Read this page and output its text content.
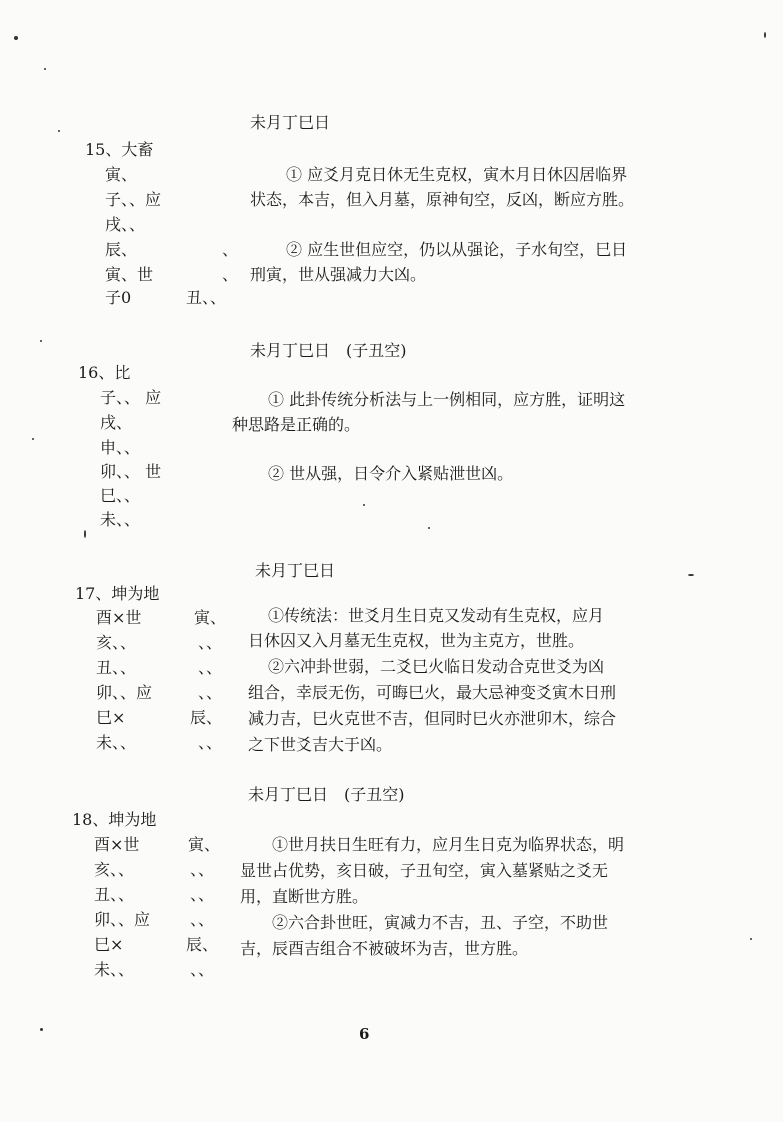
未月丁巳日
15、大畜
寅、
子、、应
戌、、
辰、
寅、世
子0
、
、
丑、、
① 应爻月克日休无生克权，寅木月日休囚居临界
状态，本吉，但入月墓，原神旬空，反凶，断应方胜。
② 应生世但应空，仍以从强论，子水旬空，巳日
刑寅，世从强减力大凶。
未月丁巳日　(子丑空)
16、比
子、、 应
戌、
申、、
卯、、 世
巳、、
未、、
① 此卦传统分析法与上一例相同，应方胜，证明这
种思路是正确的。
② 世从强，日令介入紧贴泄世凶。
未月丁巳日
17、坤为地
酉×世
亥、、
丑、、
卯、、应
巳×
未、、
寅、
、、
、、
、、
辰、
、、
①传统法：世爻月生日克又发动有生克权，应月
日休囚又入月墓无生克权，世为主克方，世胜。
②六冲卦世弱，二爻巳火临日发动合克世爻为凶
组合，幸辰无伤，可晦巳火，最大忌神变爻寅木日刑
减力吉，巳火克世不吉，但同时巳火亦泄卯木，综合
之下世爻吉大于凶。
未月丁巳日　(子丑空)
18、坤为地
酉×世
亥、、
丑、、
卯、、应
巳×
未、、
寅、
、、
、、
、、
辰、
、、
①世月扶日生旺有力，应月生日克为临界状态，明
显世占优势，亥日破，子丑旬空，寅入墓紧贴之爻无
用，直断世方胜。
②六合卦世旺，寅减力不吉，丑、子空，不助世
吉，辰酉吉组合不被破坏为吉，世方胜。
6
